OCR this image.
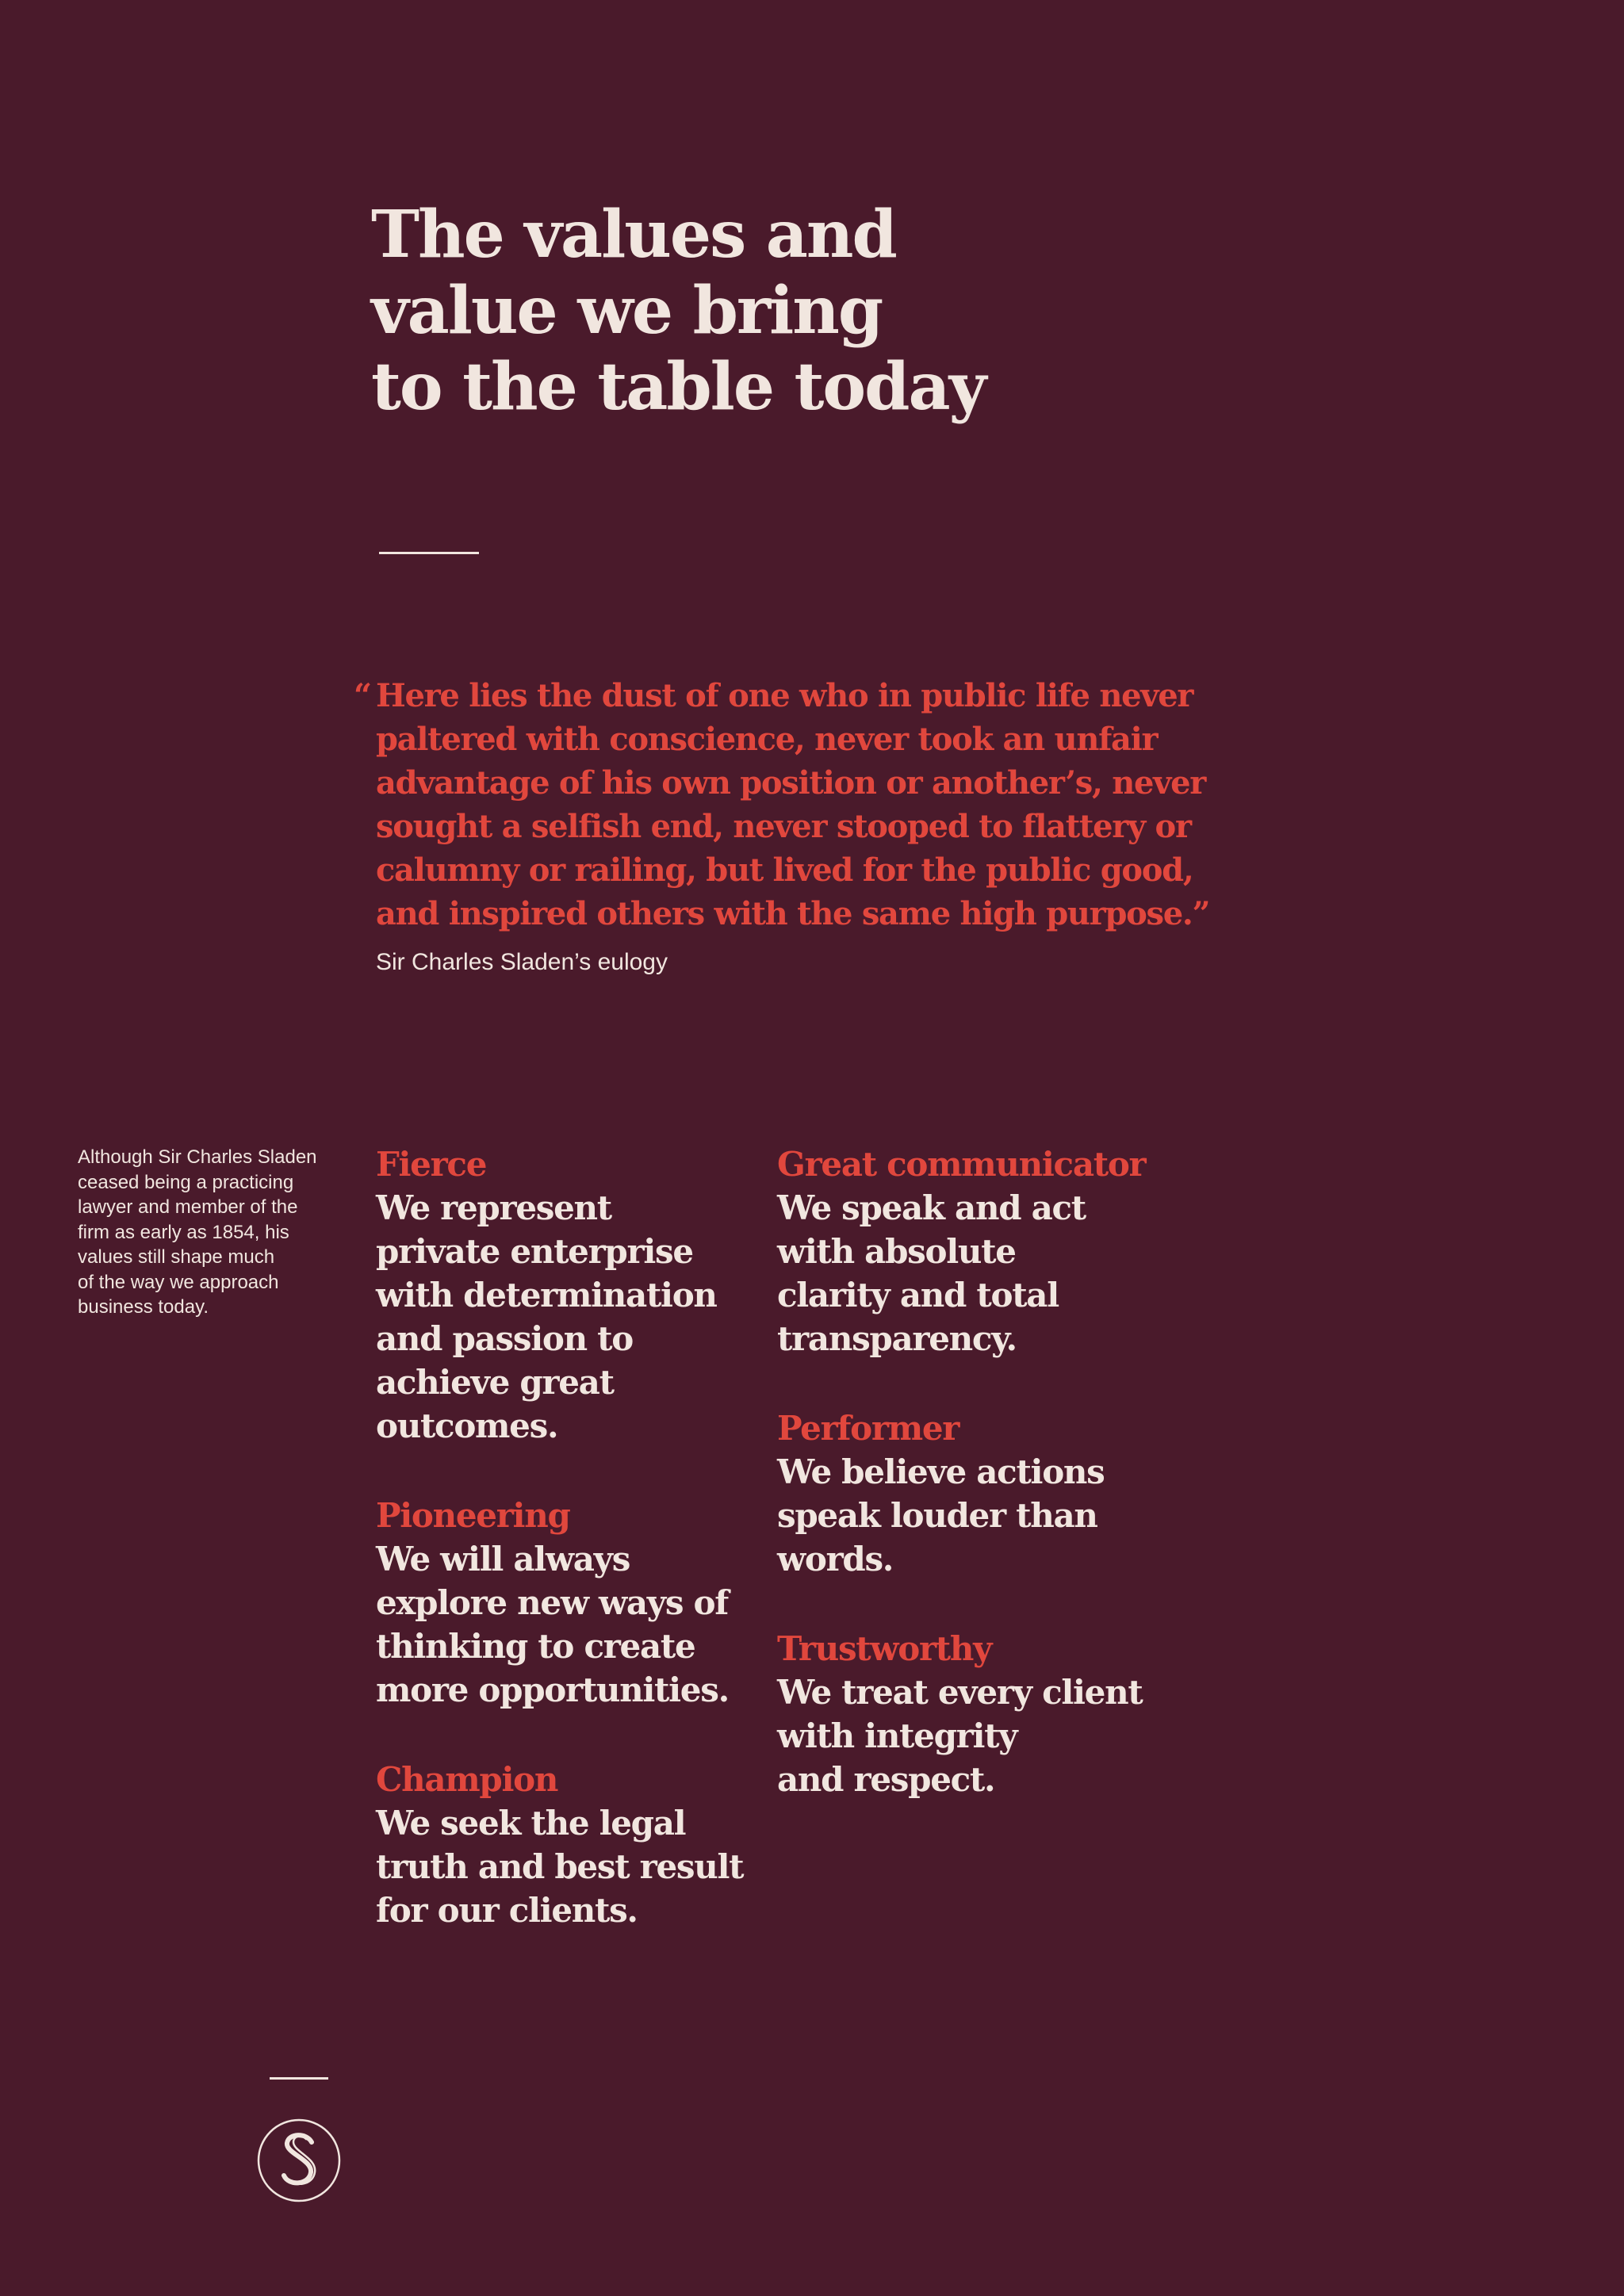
The values and
value we bring
to the table today
“ Here lies the dust of one who in public life never
paltered with conscience, never took an unfair
advantage of his own position or another’s, never
sought a selfish end, never stooped to flattery or
calumny or railing, but lived for the public good,
and inspired others with the same high purpose.”
Sir Charles Sladen’s eulogy
Although Sir Charles Sladen
ceased being a practicing
lawyer and member of the
firm as early as 1854, his
values still shape much
of the way we approach
business today.
Fierce
We represent
private enterprise
with determination
and passion to
achieve great
outcomes.
Pioneering
We will always
explore new ways of
thinking to create
more opportunities.
Champion
We seek the legal
truth and best result
for our clients.
Great communicator
We speak and act
with absolute
clarity and total
transparency.
Performer
We believe actions
speak louder than
words.
Trustworthy
We treat every client
with integrity
and respect.
